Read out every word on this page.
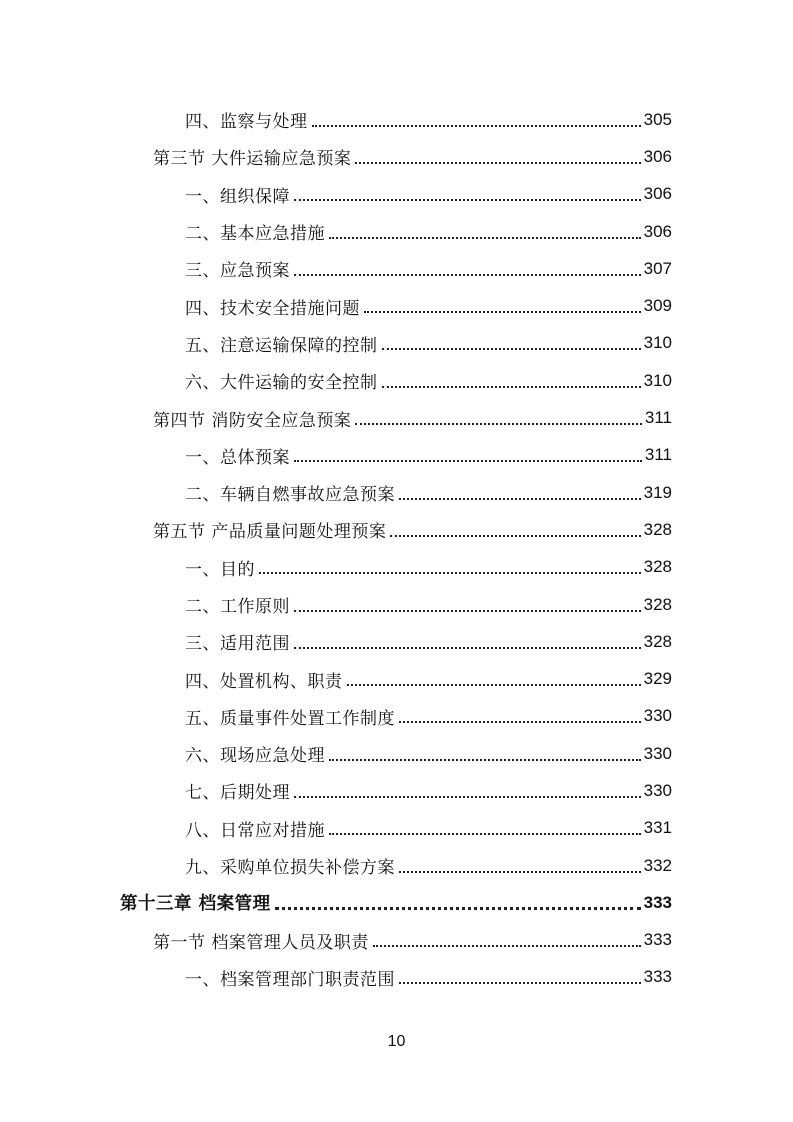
四、监察与处理	305
第三节 大件运输应急预案	306
一、组织保障	306
二、基本应急措施	306
三、应急预案	307
四、技术安全措施问题	309
五、注意运输保障的控制	310
六、大件运输的安全控制	310
第四节 消防安全应急预案	311
一、总体预案	311
二、车辆自燃事故应急预案	319
第五节 产品质量问题处理预案	328
一、目的	328
二、工作原则	328
三、适用范围	328
四、处置机构、职责	329
五、质量事件处置工作制度	330
六、现场应急处理	330
七、后期处理	330
八、日常应对措施	331
九、采购单位损失补偿方案	332
第十三章 档案管理	333
第一节 档案管理人员及职责	333
一、档案管理部门职责范围	333
10
